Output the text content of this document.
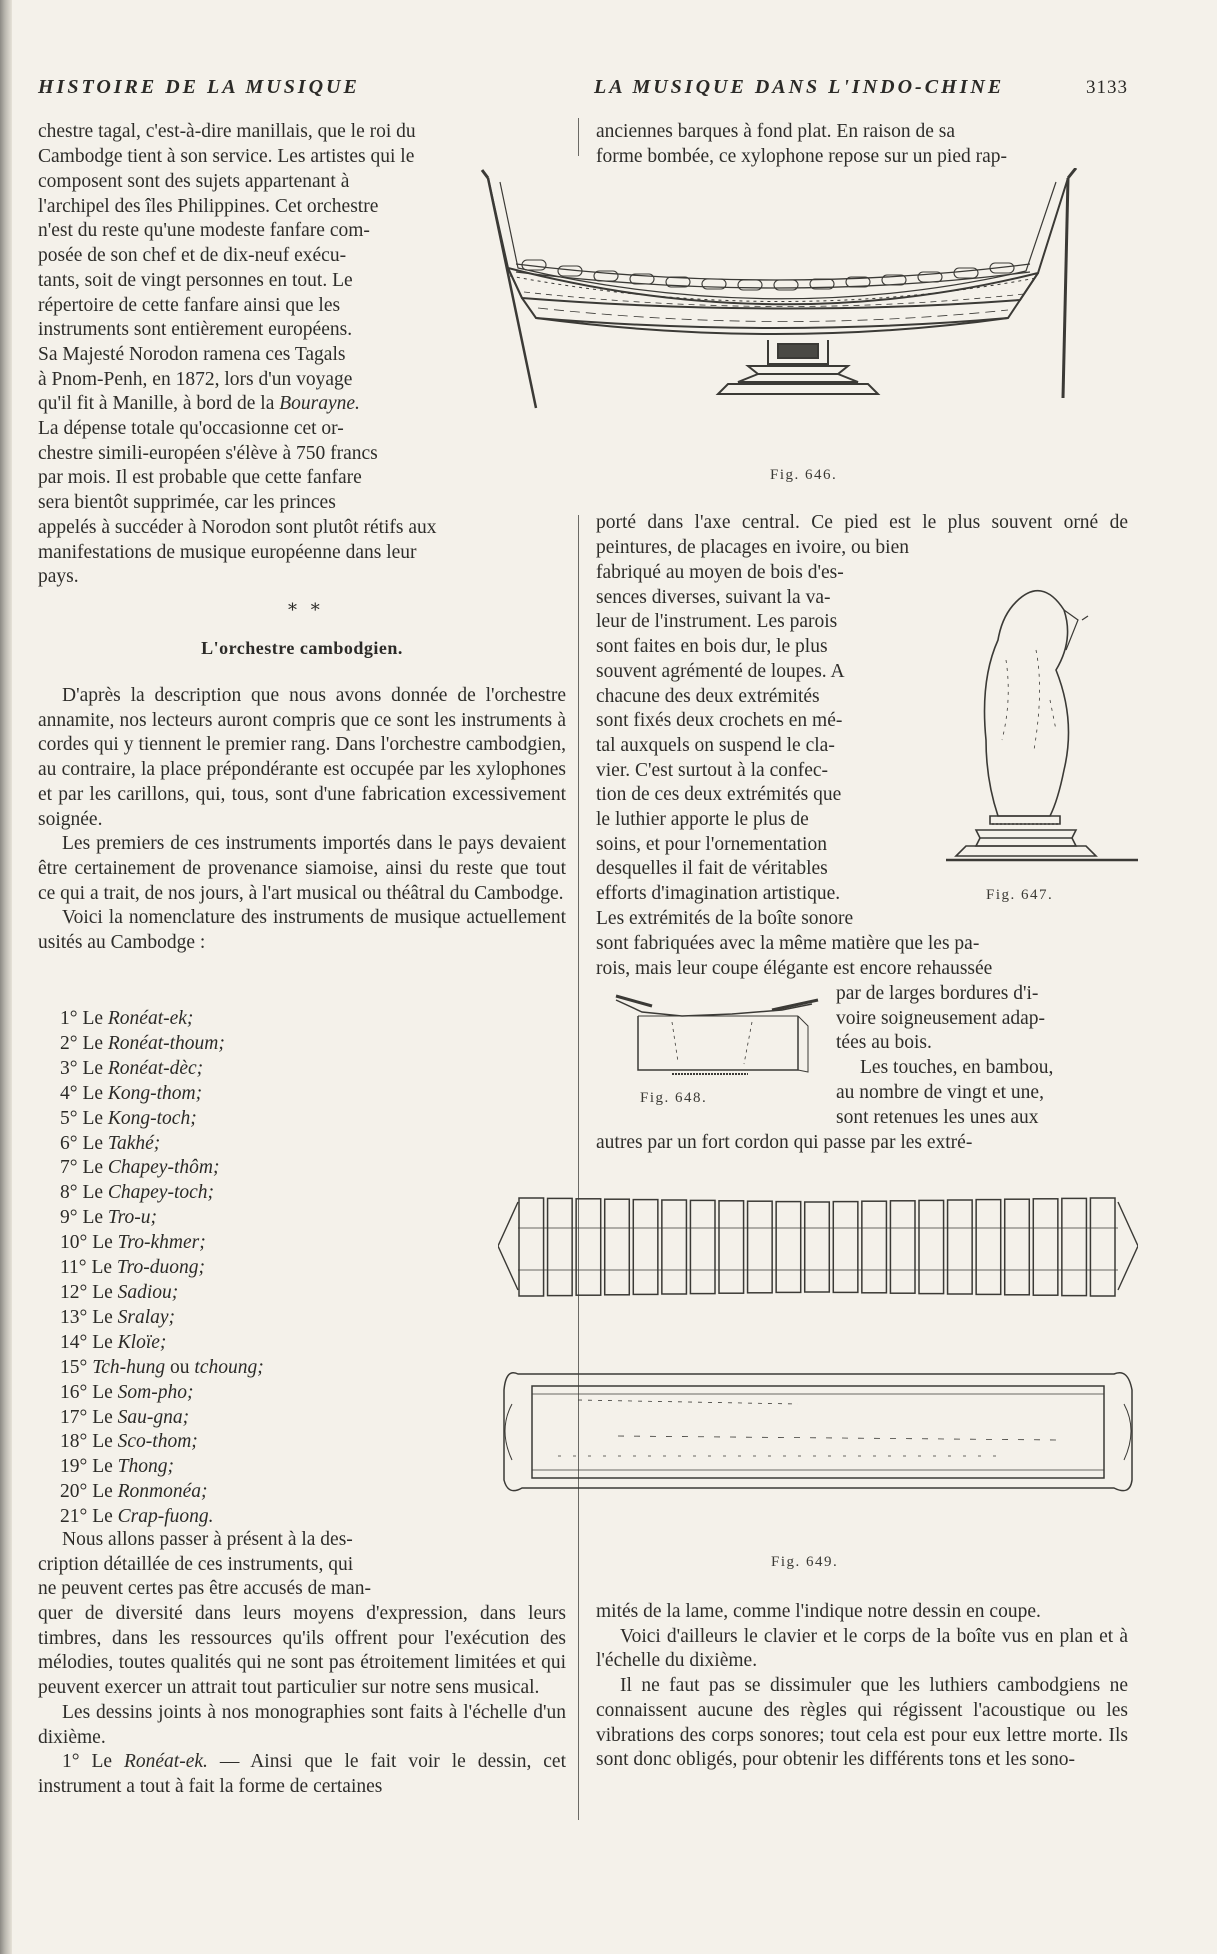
HISTOIRE DE LA MUSIQUE	LA MUSIQUE DANS L'INDO-CHINE	3133
chestre tagal, c'est-à-dire manillais, que le roi du
Cambodge tient à son service. Les artistes qui le
composent sont des sujets appartenant à
l'archipel des îles Philippines. Cet orchestre
n'est du reste qu'une modeste fanfare com-
posée de son chef et de dix-neuf exécu-
tants, soit de vingt personnes en tout. Le
répertoire de cette fanfare ainsi que les
instruments sont entièrement européens.
Sa Majesté Norodon ramena ces Tagals
à Pnom-Penh, en 1872, lors d'un voyage
qu'il fit à Manille, à bord de la Bourayne.
La dépense totale qu'occasionne cet or-
chestre simili-européen s'élève à 750 francs
par mois. Il est probable que cette fanfare
sera bientôt supprimée, car les princes
appelés à succéder à Norodon sont plutôt rétifs aux
manifestations de musique européenne dans leur
pays.
* *
L'orchestre cambodgien.

D'après la description que nous avons donnée de l'orchestre annamite, nos lecteurs auront compris que ce sont les instruments à cordes qui y tiennent le premier rang. Dans l'orchestre cambodgien, au contraire, la place prépondérante est occupée par les xylophones et par les carillons, qui, tous, sont d'une fabrication excessivement soignée.

Les premiers de ces instruments importés dans le pays devaient être certainement de provenance siamoise, ainsi du reste que tout ce qui a trait, de nos jours, à l'art musical ou théâtral du Cambodge.

Voici la nomenclature des instruments de musique actuellement usités au Cambodge :

1° Le Ronéat-ek;
2° Le Ronéat-thoum;
3° Le Ronéat-dèc;
4° Le Kong-thom;
5° Le Kong-toch;
6° Le Takhé;
7° Le Chapey-thôm;
8° Le Chapey-toch;
9° Le Tro-u;
10° Le Tro-khmer;
11° Le Tro-duong;
12° Le Sadiou;
13° Le Sralay;
14° Le Kloïe;
15° Tch-hung ou tchoung;
16° Le Som-pho;
17° Le Sau-gna;
18° Le Sco-thom;
19° Le Thong;
20° Le Ronmonéa;
21° Le Crap-fuong.
Nous allons passer à présent à la des-
cription détaillée de ces instruments, qui
ne peuvent certes pas être accusés de man-

quer de diversité dans leurs moyens d'expression, dans leurs timbres, dans les ressources qu'ils offrent pour l'exécution des mélodies, toutes qualités qui ne sont pas étroitement limitées et qui peuvent exercer un attrait tout particulier sur notre sens musical.

Les dessins joints à nos monographies sont faits à l'échelle d'un dixième.

1° Le Ronéat-ek. — Ainsi que le fait voir le dessin, cet instrument a tout à fait la forme de certaines

anciennes barques à fond plat. En raison de sa
forme bombée, ce xylophone repose sur un pied rap-
Fig. 646.

porté dans l'axe central. Ce pied est le plus souvent orné de peintures, de placages en ivoire, ou bien

fabriqué au moyen de bois d'es-
sences diverses, suivant la va-
leur de l'instrument. Les parois
sont faites en bois dur, le plus
souvent agrémenté de loupes. A
chacune des deux extrémités
sont fixés deux crochets en mé-
tal auxquels on suspend le cla-
vier. C'est surtout à la confec-
tion de ces deux extrémités que
le luthier apporte le plus de
soins, et pour l'ornementation
desquelles il fait de véritables
efforts d'imagination artistique.
Les extrémités de la boîte sonore
Fig. 647.
sont fabriquées avec la même matière que les pa-
rois, mais leur coupe élégante est encore rehaussée
Fig. 648.
par de larges bordures d'i-
voire soigneusement adap-
tées au bois.
Les touches, en bambou,
au nombre de vingt et une,
sont retenues les unes aux
autres par un fort cordon qui passe par les extré-
Fig. 649.

mités de la lame, comme l'indique notre dessin en coupe.

Voici d'ailleurs le clavier et le corps de la boîte vus en plan et à l'échelle du dixième.

Il ne faut pas se dissimuler que les luthiers cambodgiens ne connaissent aucune des règles qui régissent l'acoustique ou les vibrations des corps sonores; tout cela est pour eux lettre morte. Ils sont donc obligés, pour obtenir les différents tons et les sono-
